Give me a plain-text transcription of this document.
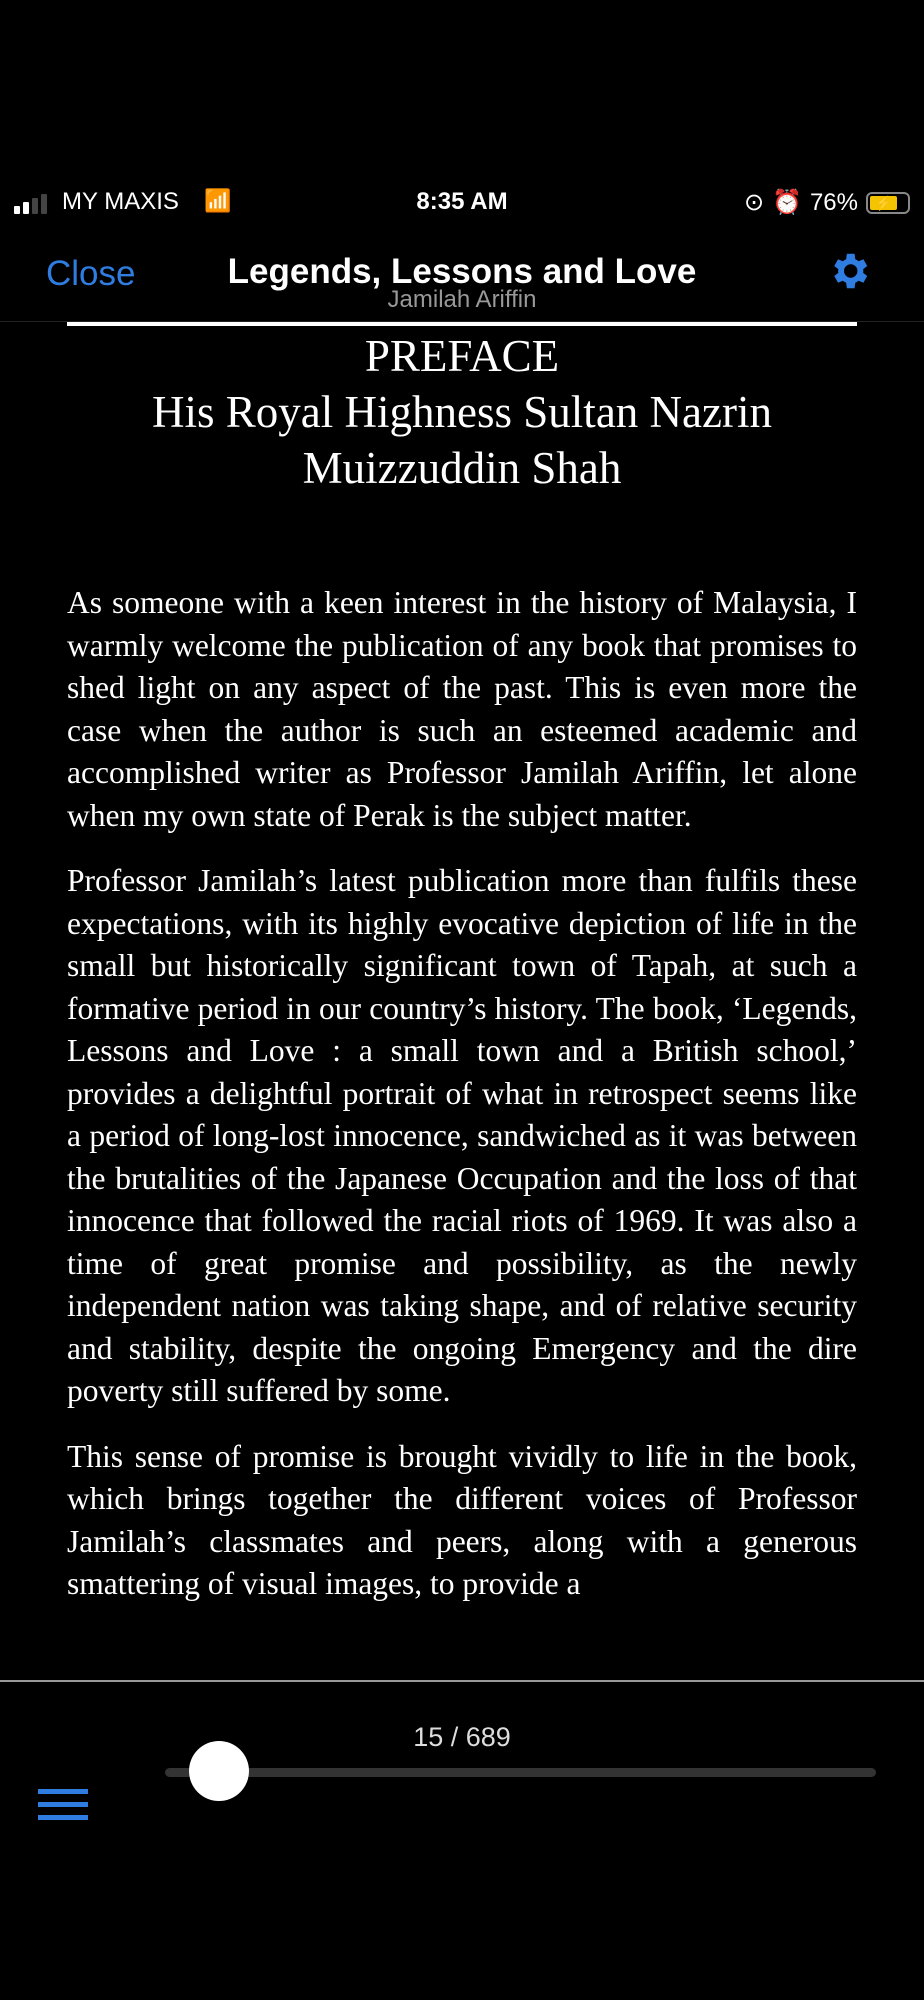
MY MAXIS 📶	8:35 AM	⊙ ⏰ 76%	⚡
Close	Legends, Lessons and Love
Jamilah Ariffin
PREFACE
His Royal Highness Sultan Nazrin
Muizzuddin Shah

As someone with a keen interest in the history of Malaysia, I warmly welcome the publication of any book that promises to shed light on any aspect of the past. This is even more the case when the author is such an esteemed academic and accomplished writer as Professor Jamilah Ariffin, let alone when my own state of Perak is the subject matter.

Professor Jamilah’s latest publication more than fulfils these expectations, with its highly evocative depiction of life in the small but historically significant town of Tapah, at such a formative period in our country’s history. The book, ‘Legends, Lessons and Love : a small town and a British school,’ provides a delightful portrait of what in retrospect seems like a period of long-lost innocence, sandwiched as it was between the brutalities of the Japanese Occupation and the loss of that innocence that followed the racial riots of 1969. It was also a time of great promise and possibility, as the newly independent nation was taking shape, and of relative security and stability, despite the ongoing Emergency and the dire poverty still suffered by some.

This sense of promise is brought vividly to life in the book, which brings together the different voices of Professor Jamilah’s classmates and peers, along with a generous smattering of visual images, to provide a

15 / 689
